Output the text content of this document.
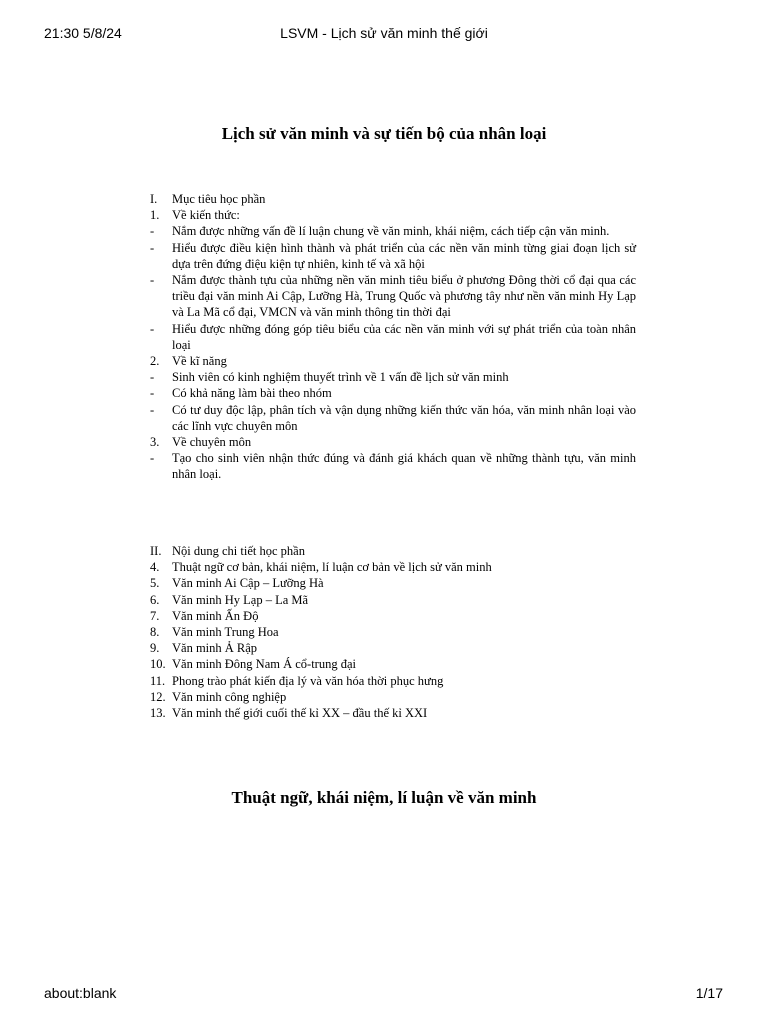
21:30 5/8/24	LSVM - Lịch sử văn minh thế giới
Lịch sử văn minh và sự tiến bộ của nhân loại
I.	Mục tiêu học phần
1.	Về kiến thức:
-	Nắm được những vấn đề lí luận chung về văn minh, khái niệm, cách tiếp cận văn minh.
-	Hiểu được điều kiện hình thành và phát triển của các nền văn minh từng giai đoạn lịch sử dựa trên đứng điệu kiện tự nhiên, kinh tế và xã hội
-	Nắm được thành tựu của những nền văn minh tiêu biểu ở phương Đông thời cổ đại qua các triều đại văn minh Ai Cập, Lưỡng Hà, Trung Quốc và phương tây như nền văn minh Hy Lạp và La Mã cổ đại, VMCN và văn minh thông tin thời đại
-	Hiểu được những đóng góp tiêu biểu của các nền văn minh với sự phát triển của toàn nhân loại
2.	Về kĩ năng
-	Sinh viên có kinh nghiệm thuyết trình về 1 vấn đề lịch sử văn minh
-	Có khả năng làm bài theo nhóm
-	Có tư duy độc lập, phân tích và vận dụng những kiến thức văn hóa, văn minh nhân loại vào các lĩnh vực chuyên môn
3.	Về chuyên môn
-	Tạo cho sinh viên nhận thức đúng và đánh giá khách quan về những thành tựu, văn minh nhân loại.
II. Nội dung chi tiết học phần
4.	Thuật ngữ cơ bản, khái niệm, lí luận cơ bản về lịch sử văn minh
5.	Văn minh Ai Cập – Lưỡng Hà
6.	Văn minh Hy Lạp – La Mã
7.	Văn minh Ấn Độ
8.	Văn minh Trung Hoa
9.	Văn minh Ả Rập
10. Văn minh Đông Nam Á cổ-trung đại
11. Phong trào phát kiến địa lý và văn hóa thời phục hưng
12. Văn minh công nghiệp
13. Văn minh thế giới cuối thế kỉ XX – đầu thế kỉ XXI
Thuật ngữ, khái niệm, lí luận về văn minh
about:blank	1/17
